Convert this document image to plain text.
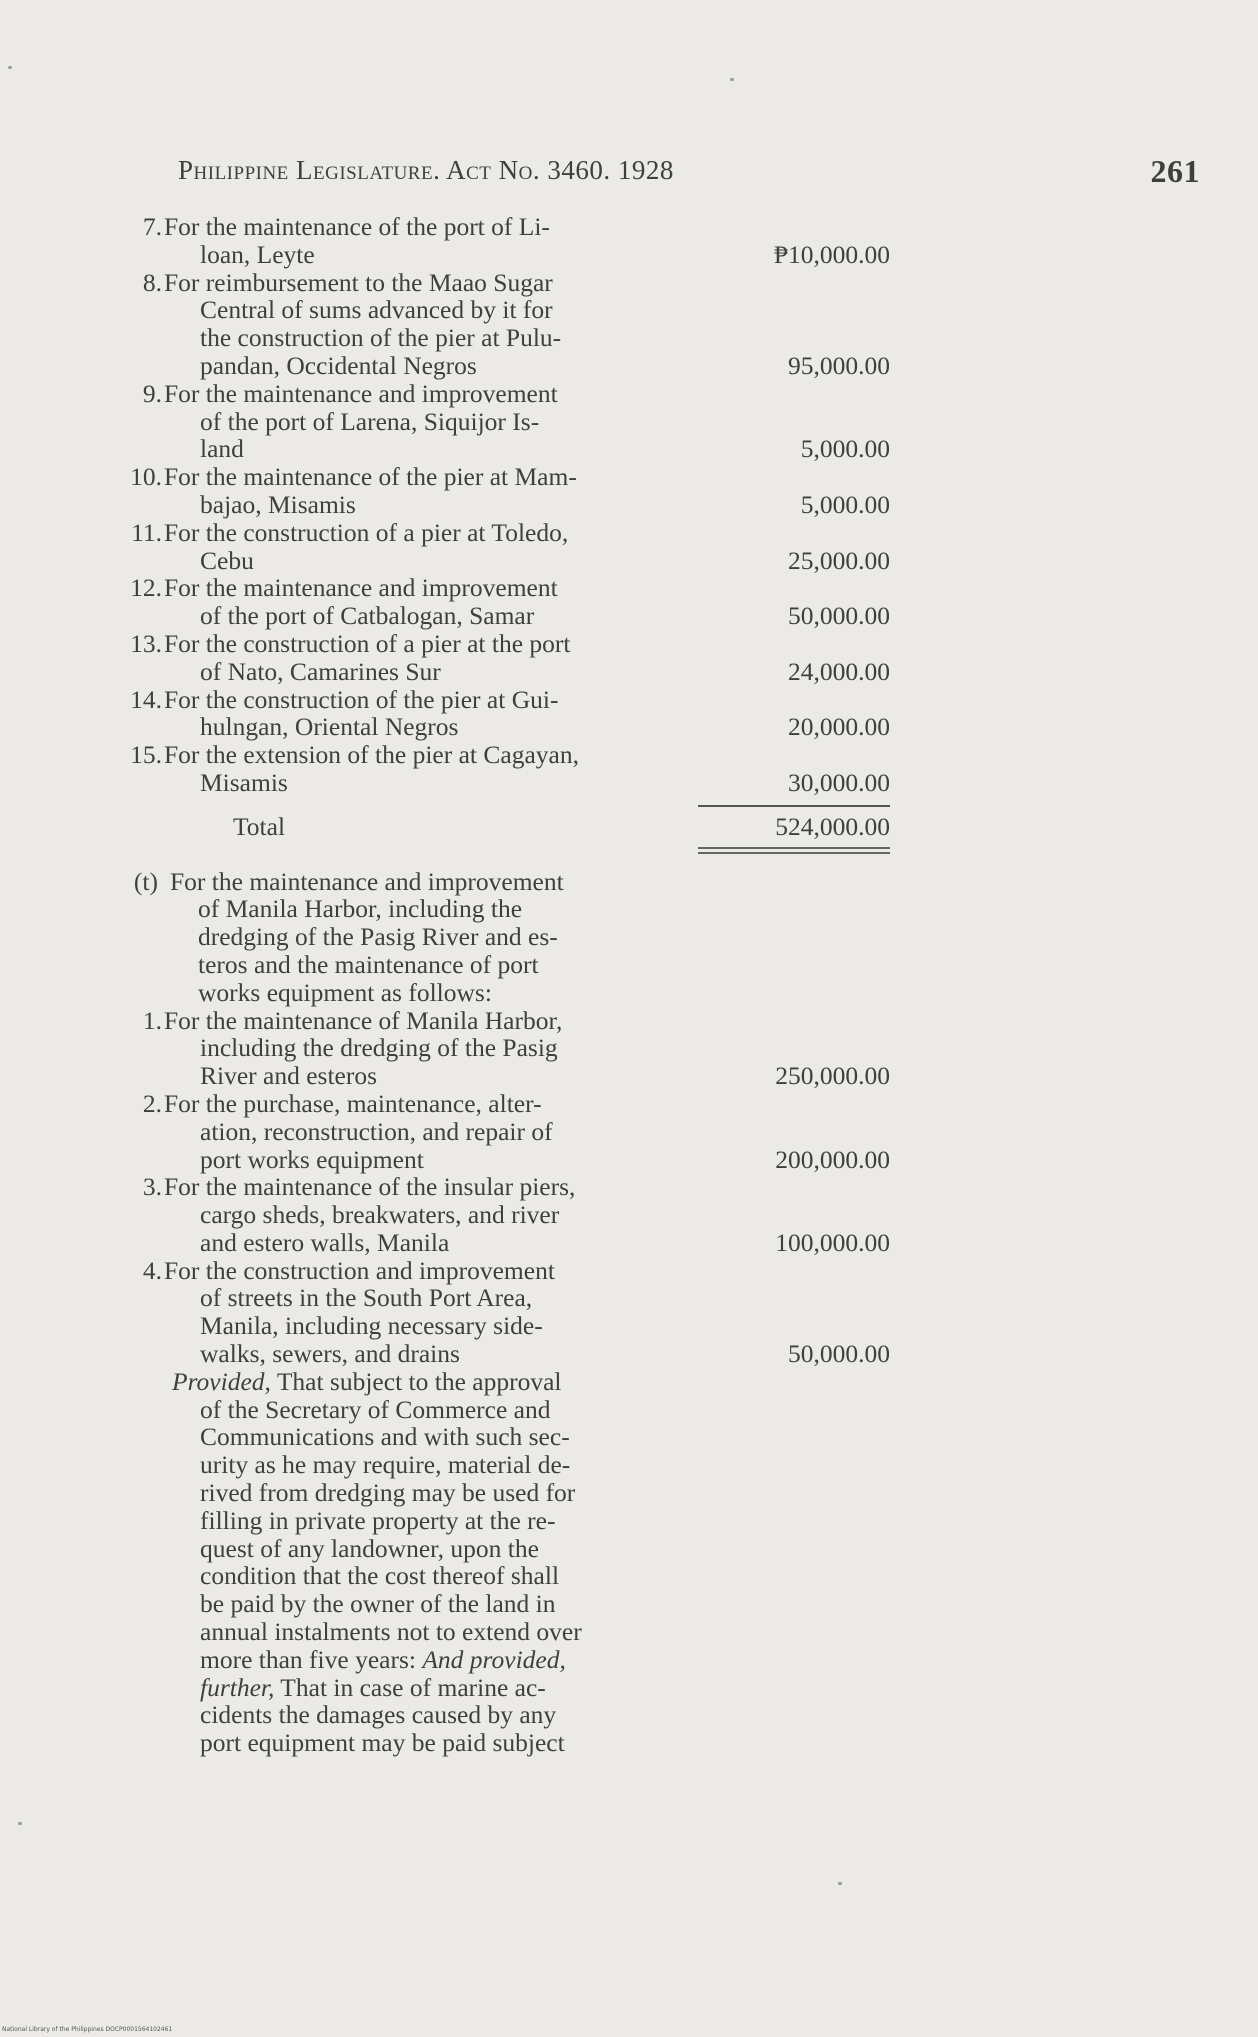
Philippine Legislature. Act No. 3460. 1928	261
7. For the maintenance of the port of Li-
loan, Leyte	₱10,000.00
8. For reimbursement to the Maao Sugar
Central of sums advanced by it for
the construction of the pier at Pulu-
pandan, Occidental Negros	95,000.00
9. For the maintenance and improvement
of the port of Larena, Siquijor Is-
land	5,000.00
10. For the maintenance of the pier at Mam-
bajao, Misamis	5,000.00
11. For the construction of a pier at Toledo,
Cebu	25,000.00
12. For the maintenance and improvement
of the port of Catbalogan, Samar	50,000.00
13. For the construction of a pier at the port
of Nato, Camarines Sur	24,000.00
14. For the construction of the pier at Gui-
hulngan, Oriental Negros	20,000.00
15. For the extension of the pier at Cagayan,
Misamis	30,000.00
Total	524,000.00
(t) For the maintenance and improvement
of Manila Harbor, including the
dredging of the Pasig River and es-
teros and the maintenance of port
works equipment as follows:
1. For the maintenance of Manila Harbor,
including the dredging of the Pasig
River and esteros	250,000.00
2. For the purchase, maintenance, alter-
ation, reconstruction, and repair of
port works equipment	200,000.00
3. For the maintenance of the insular piers,
cargo sheds, breakwaters, and river
and estero walls, Manila	100,000.00
4. For the construction and improvement
of streets in the South Port Area,
Manila, including necessary side-
walks, sewers, and drains	50,000.00
Provided, That subject to the approval
of the Secretary of Commerce and
Communications and with such sec-
urity as he may require, material de-
rived from dredging may be used for
filling in private property at the re-
quest of any landowner, upon the
condition that the cost thereof shall
be paid by the owner of the land in
annual instalments not to extend over
more than five years: And provided,
further, That in case of marine ac-
cidents the damages caused by any
port equipment may be paid subject
National Library of the Philippines DOCP0001564102461
